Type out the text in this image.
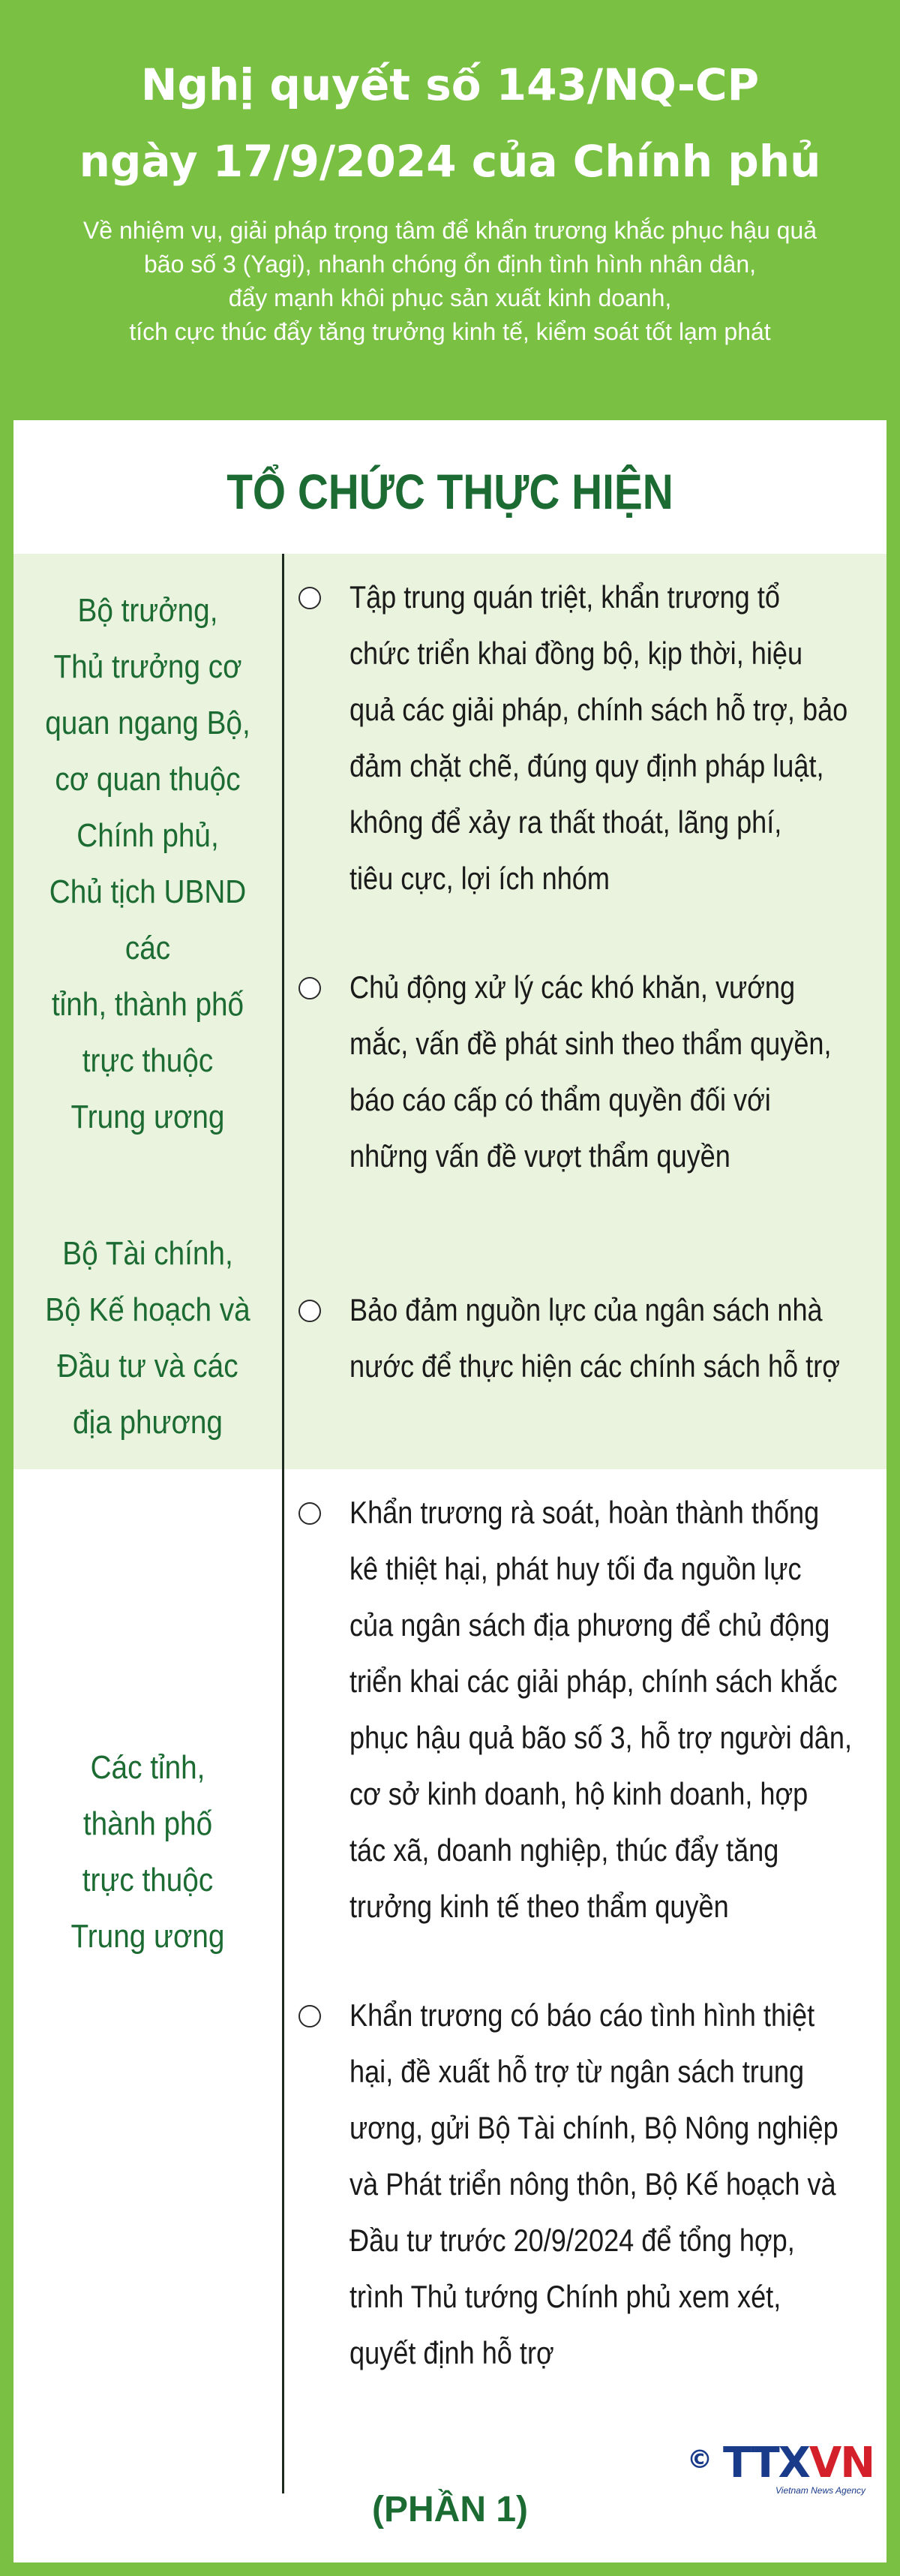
Nghị quyết số 143/NQ-CP
ngày 17/9/2024 của Chính phủ
Về nhiệm vụ, giải pháp trọng tâm để khẩn trương khắc phục hậu quả
bão số 3 (Yagi), nhanh chóng ổn định tình hình nhân dân,
đẩy mạnh khôi phục sản xuất kinh doanh,
tích cực thúc đẩy tăng trưởng kinh tế, kiểm soát tốt lạm phát
TỔ CHỨC THỰC HIỆN
Bộ trưởng,
Thủ trưởng cơ
quan ngang Bộ,
cơ quan thuộc
Chính phủ,
Chủ tịch UBND các
tỉnh, thành phố
trực thuộc
Trung ương
Tập trung quán triệt, khẩn trương tổ
chức triển khai đồng bộ, kịp thời, hiệu
quả các giải pháp, chính sách hỗ trợ, bảo
đảm chặt chẽ, đúng quy định pháp luật,
không để xảy ra thất thoát, lãng phí,
tiêu cực, lợi ích nhóm
Chủ động xử lý các khó khăn, vướng
mắc, vấn đề phát sinh theo thẩm quyền,
báo cáo cấp có thẩm quyền đối với
những vấn đề vượt thẩm quyền
Bộ Tài chính,
Bộ Kế hoạch và
Đầu tư và các
địa phương
Bảo đảm nguồn lực của ngân sách nhà
nước để thực hiện các chính sách hỗ trợ
Các tỉnh,
thành phố
trực thuộc
Trung ương
Khẩn trương rà soát, hoàn thành thống
kê thiệt hại, phát huy tối đa nguồn lực
của ngân sách địa phương để chủ động
triển khai các giải pháp, chính sách khắc
phục hậu quả bão số 3, hỗ trợ người dân,
cơ sở kinh doanh, hộ kinh doanh, hợp
tác xã, doanh nghiệp, thúc đẩy tăng
trưởng kinh tế theo thẩm quyền
Khẩn trương có báo cáo tình hình thiệt
hại, đề xuất hỗ trợ từ ngân sách trung
ương, gửi Bộ Tài chính, Bộ Nông nghiệp
và Phát triển nông thôn, Bộ Kế hoạch và
Đầu tư trước 20/9/2024 để tổng hợp,
trình Thủ tướng Chính phủ xem xét,
quyết định hỗ trợ
© TTXVN
Vietnam News Agency
(PHẦN 1)
infographics.vn
